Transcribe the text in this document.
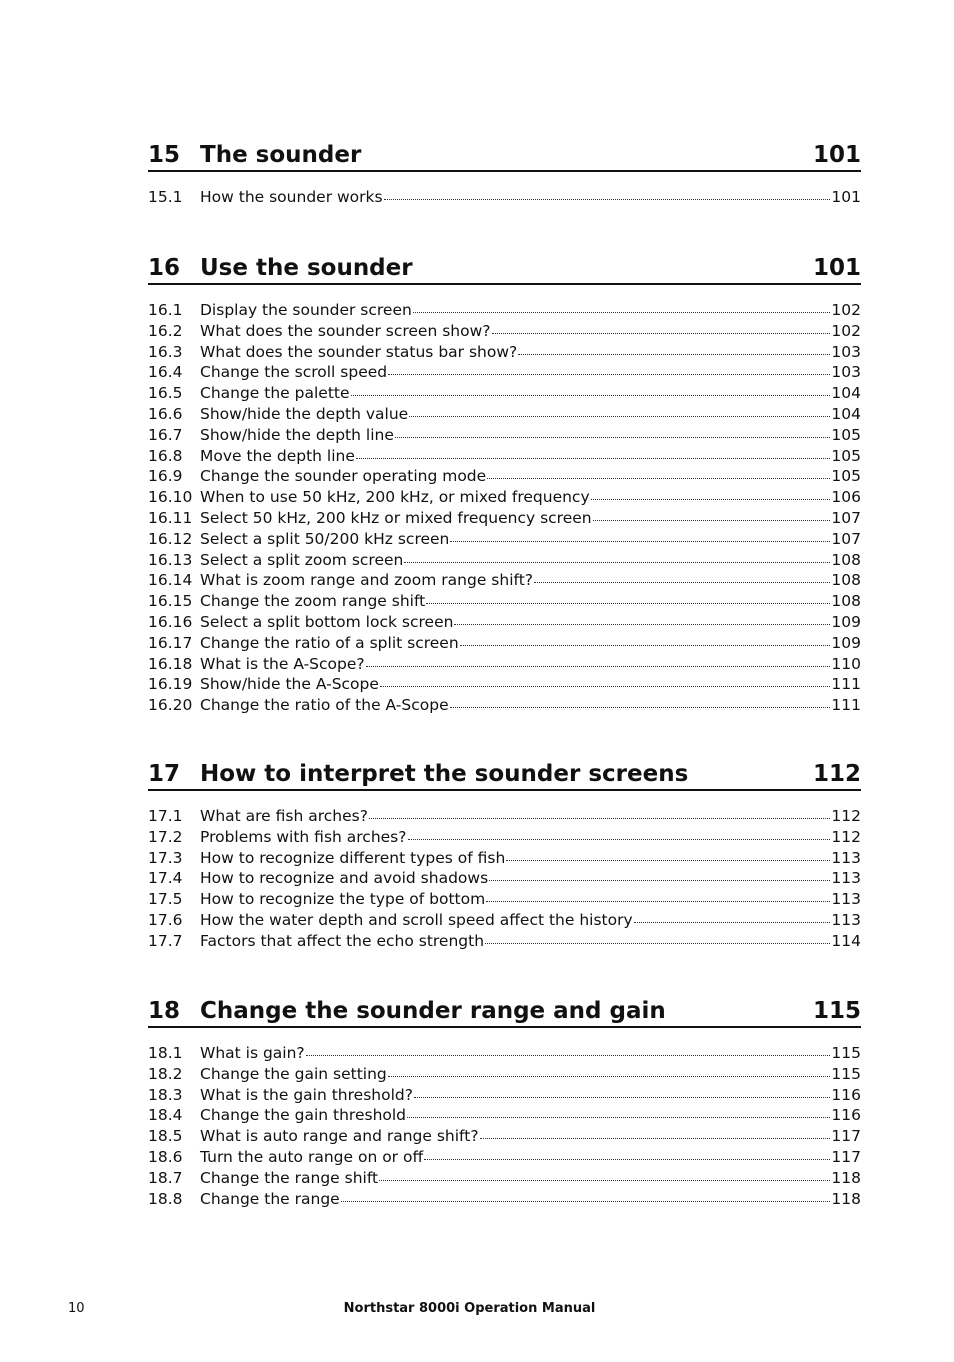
15 The sounder	101
15.1	How the sounder works	101
16 Use the sounder	101
16.1	Display the sounder screen	102
16.2	What does the sounder screen show?	102
16.3	What does the sounder status bar show?	103
16.4	Change the scroll speed	103
16.5	Change the palette	104
16.6	Show/hide the depth value	104
16.7	Show/hide the depth line	105
16.8	Move the depth line	105
16.9	Change the sounder operating mode	105
16.10 When to use 50 kHz, 200 kHz, or mixed frequency	106
16.11 Select 50 kHz, 200 kHz or mixed frequency screen	107
16.12 Select a split 50/200 kHz screen	107
16.13 Select a split zoom screen	108
16.14 What is zoom range and zoom range shift?	108
16.15 Change the zoom range shift	108
16.16 Select a split bottom lock screen	109
16.17 Change the ratio of a split screen	109
16.18 What is the A-Scope?	110
16.19 Show/hide the A-Scope	111
16.20 Change the ratio of the A-Scope	111
17 How to interpret the sounder screens	112
17.1	What are fish arches?	112
17.2	Problems with fish arches?	112
17.3	How to recognize different types of fish	113
17.4	How to recognize and avoid shadows	113
17.5	How to recognize the type of bottom	113
17.6	How the water depth and scroll speed affect the history	113
17.7	Factors that affect the echo strength	114
18 Change the sounder range and gain	115
18.1	What is gain?	115
18.2	Change the gain setting	115
18.3	What is the gain threshold?	116
18.4	Change the gain threshold	116
18.5	What is auto range and range shift?	117
18.6	Turn the auto range on or off	117
18.7	Change the range shift	118
18.8	Change the range	118
10	Northstar 8000i Operation Manual
